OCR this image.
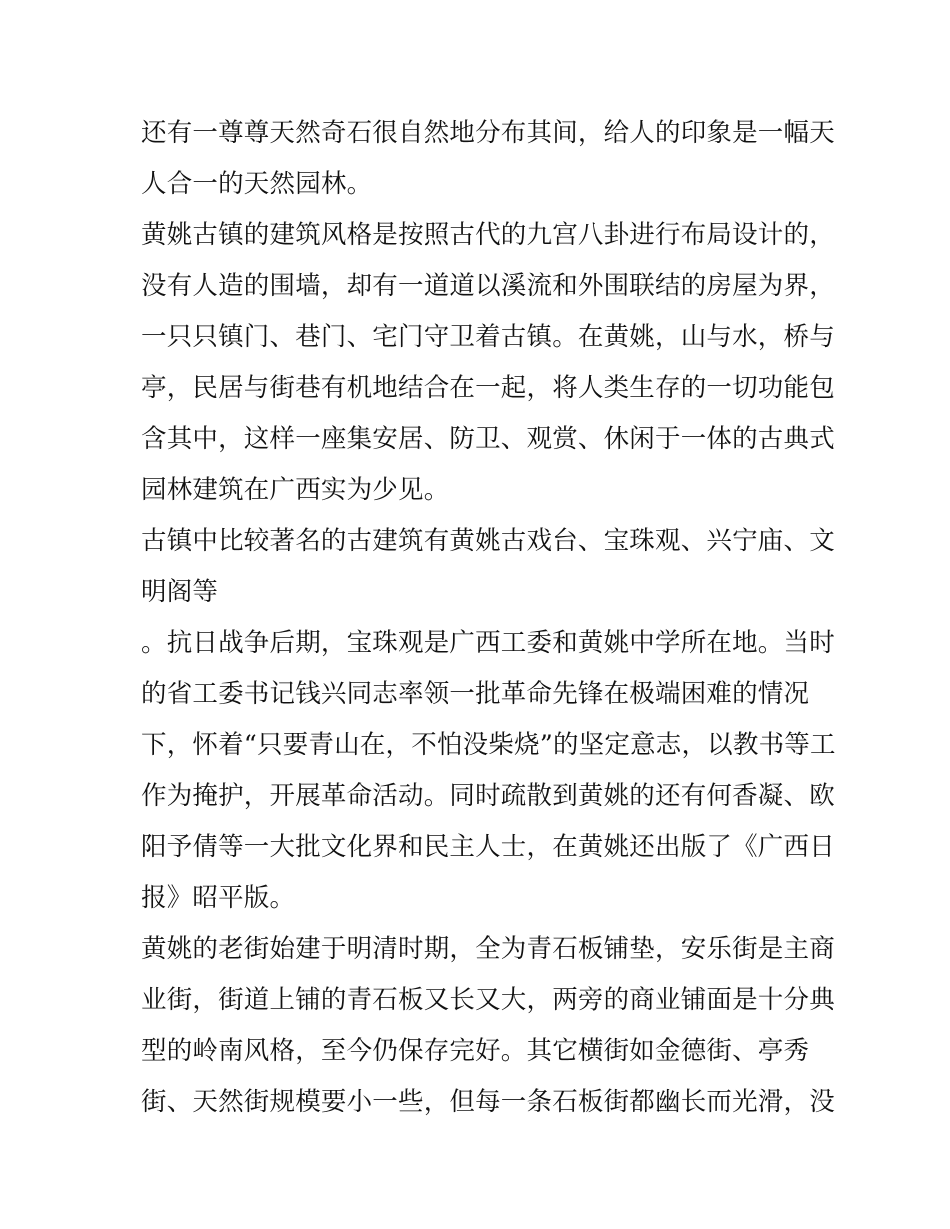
还有一尊尊天然奇石很自然地分布其间，给人的印象是一幅天
人合一的天然园林。
黄姚古镇的建筑风格是按照古代的九宫八卦进行布局设计的，
没有人造的围墙，却有一道道以溪流和外围联结的房屋为界，
一只只镇门、巷门、宅门守卫着古镇。在黄姚，山与水，桥与
亭，民居与街巷有机地结合在一起，将人类生存的一切功能包
含其中，这样一座集安居、防卫、观赏、休闲于一体的古典式
园林建筑在广西实为少见。
古镇中比较著名的古建筑有黄姚古戏台、宝珠观、兴宁庙、文
明阁等
。抗日战争后期，宝珠观是广西工委和黄姚中学所在地。当时
的省工委书记钱兴同志率领一批革命先锋在极端困难的情况
下，怀着“只要青山在，不怕没柴烧”的坚定意志，以教书等工
作为掩护，开展革命活动。同时疏散到黄姚的还有何香凝、欧
阳予倩等一大批文化界和民主人士，在黄姚还出版了《广西日
报》昭平版。
黄姚的老街始建于明清时期，全为青石板铺垫，安乐街是主商
业街，街道上铺的青石板又长又大，两旁的商业铺面是十分典
型的岭南风格，至今仍保存完好。其它横街如金德街、亭秀
街、天然街规模要小一些，但每一条石板街都幽长而光滑，没
